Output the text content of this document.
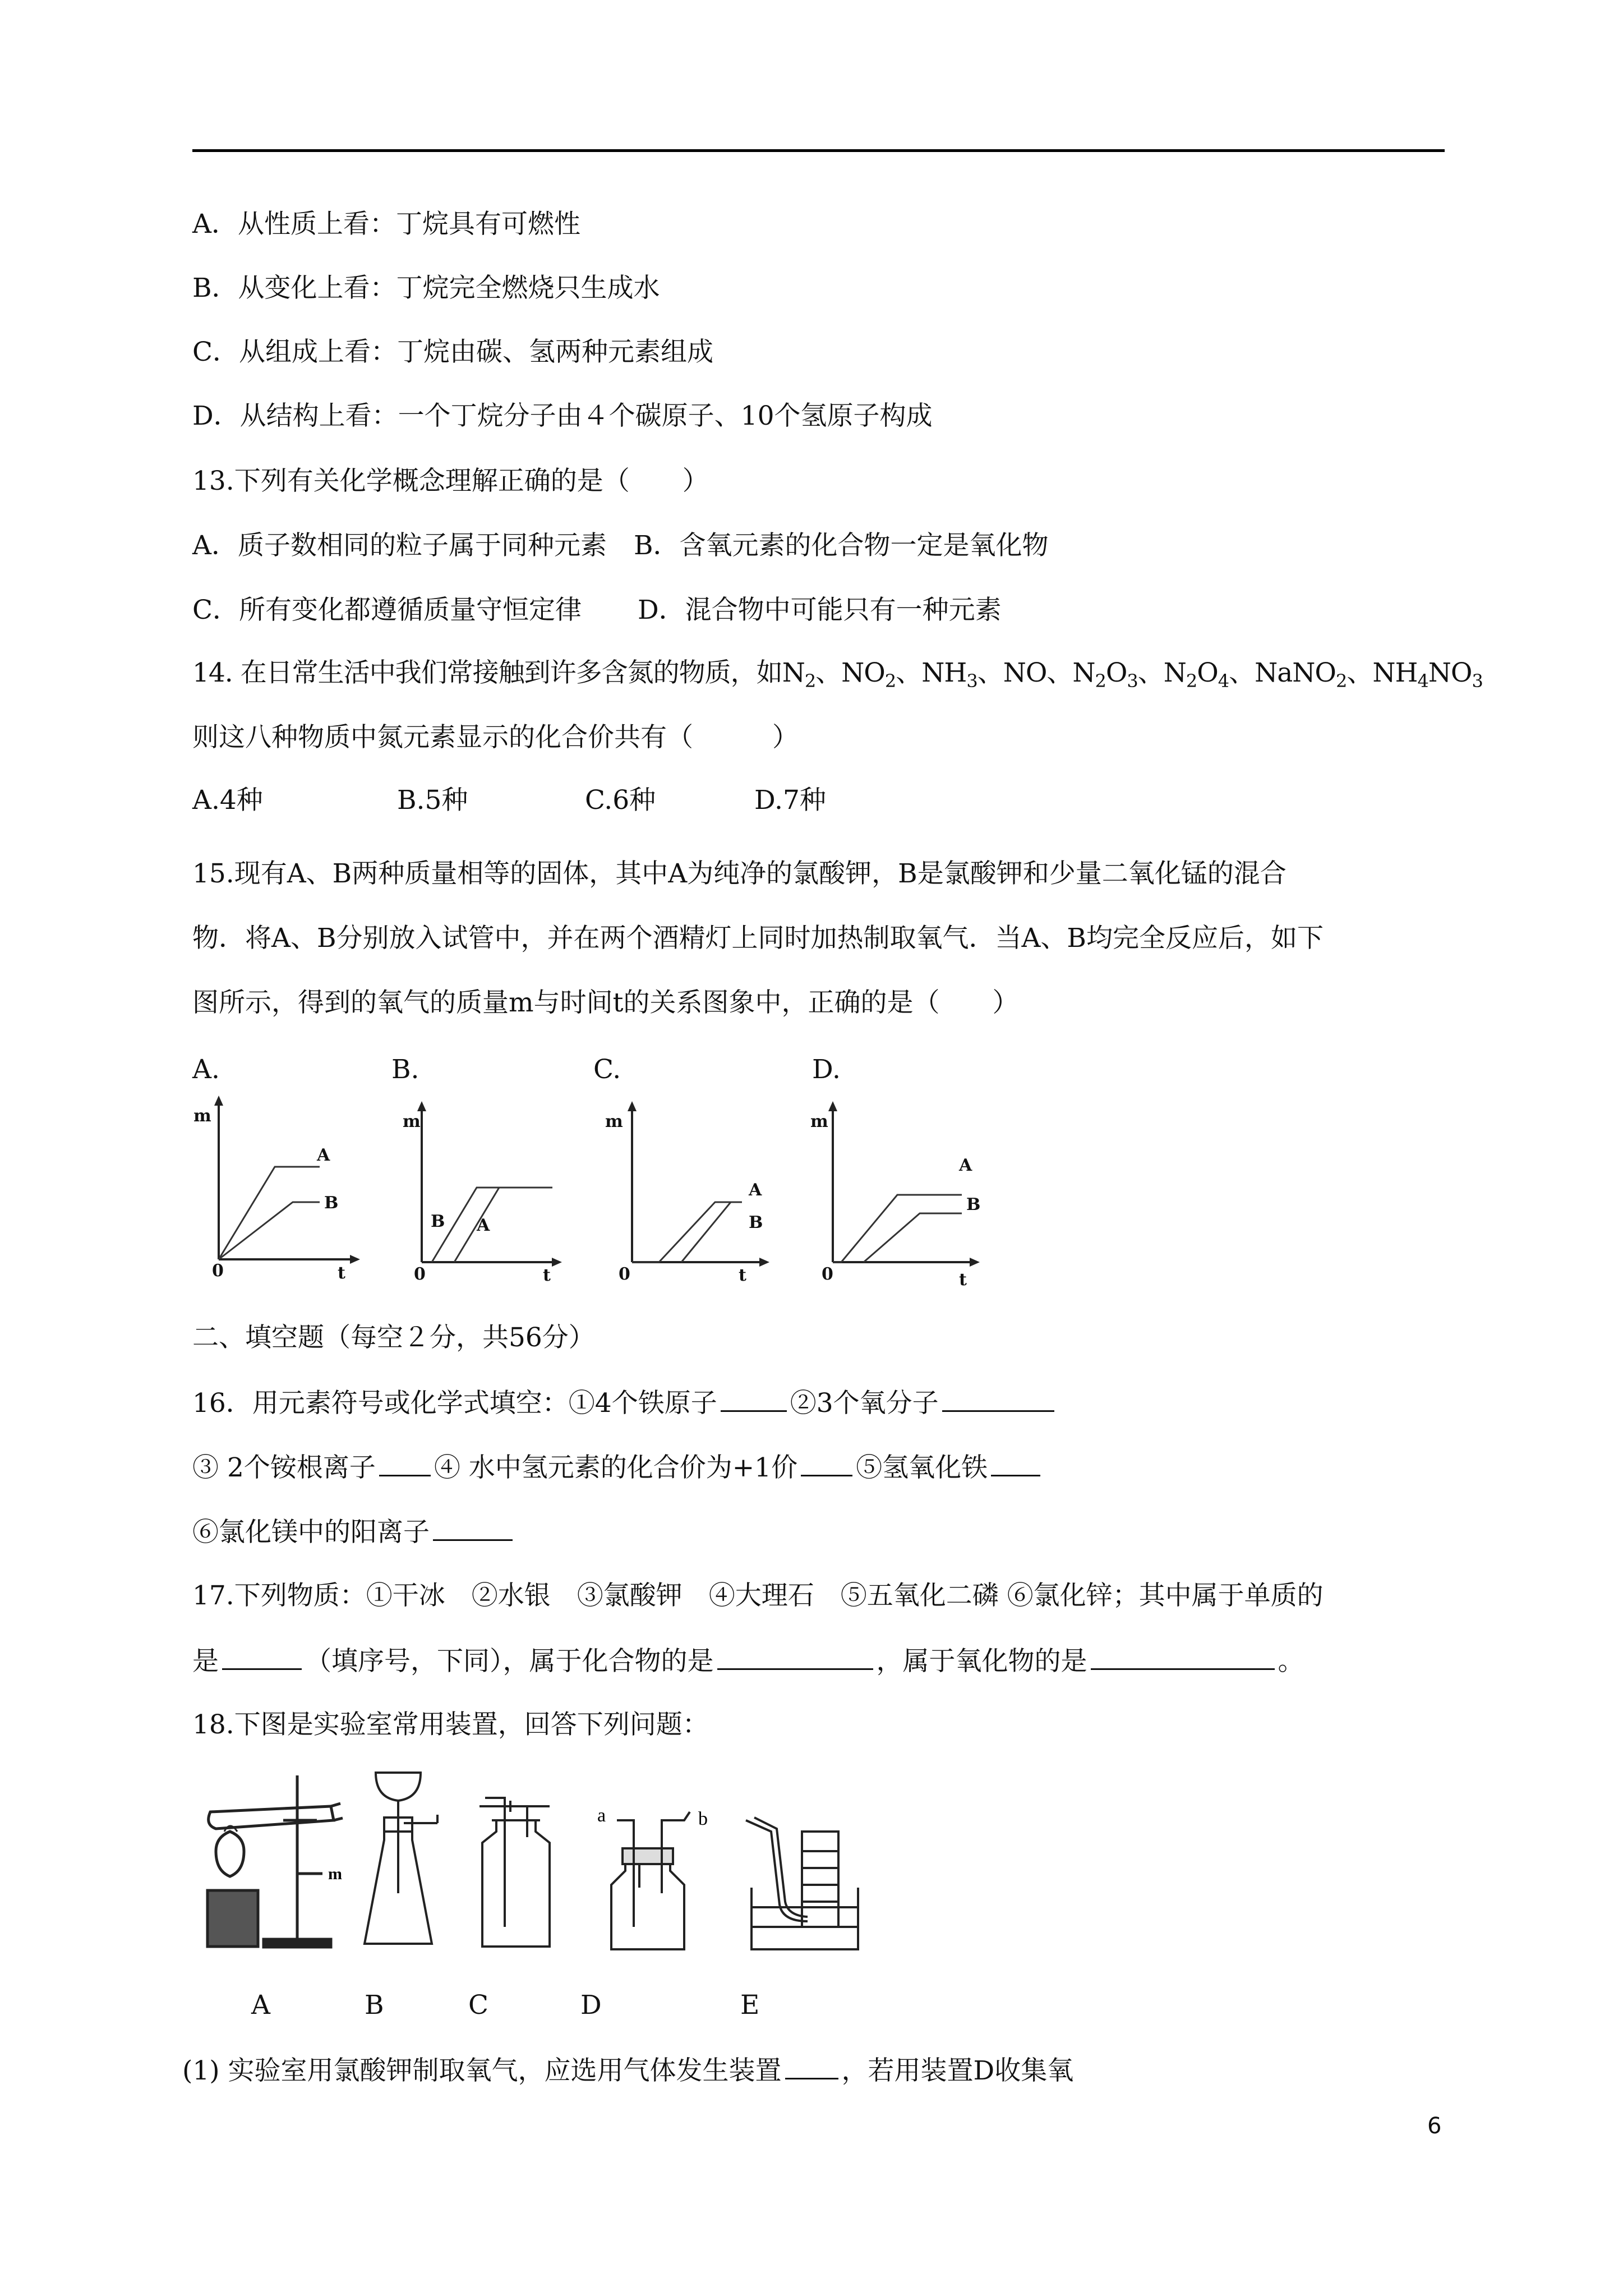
A．从性质上看：丁烷具有可燃性

B．从变化上看：丁烷完全燃烧只生成水

C．从组成上看：丁烷由碳、氢两种元素组成

D．从结构上看：一个丁烷分子由４个碳原子、10个氢原子构成

13.下列有关化学概念理解正确的是（　　）

A．质子数相同的粒子属于同种元素 B．含氧元素的化合物一定是氧化物

C．所有变化都遵循质量守恒定律 D．混合物中可能只有一种元素

14. 在日常生活中我们常接触到许多含氮的物质，如$N_2$、$NO_2$、$NH_3$、NO、$N_2O_3$、$N_2O_4$、NaNO$_2$、$NH_4NO_3$

则这八种物质中氮元素显示的化合价共有（　　　）

A.4种	B.5种	C.6种	D.7种

15.现有A、B两种质量相等的固体，其中A为纯净的氯酸钾，B是氯酸钾和少量二氧化锰的混合

物．将A、B分别放入试管中，并在两个酒精灯上同时加热制取氧气．当A、B均完全反应后，如下

图所示，得到的氧气的质量m与时间t的关系图象中，正确的是（　　）

A.	B.	C.	D.

m
0	t
A
B
m
0	t
B A
m
0	t
A
B
m
0	t
A
B

二、填空题（每空２分，共56分）

16．用元素符号或化学式填空：①4个铁原子	②3个氧分子

③ 2个铵根离子 ④ 水中氢元素的化合价为+1价 ⑤氢氧化铁

⑥氯化镁中的阳离子

17.下列物质：①干冰　②水银　③氯酸钾　④大理石　⑤五氧化二磷 ⑥氯化锌；其中属于单质的

是	（填序号，下同），属于化合物的是	，属于氧化物的是	。

18.下图是实验室常用装置，回答下列问题：

m
a	b
A	B	C	D	E

(1) 实验室用氯酸钾制取氧气，应选用气体发生装置 ，若用装置D收集氧

6
